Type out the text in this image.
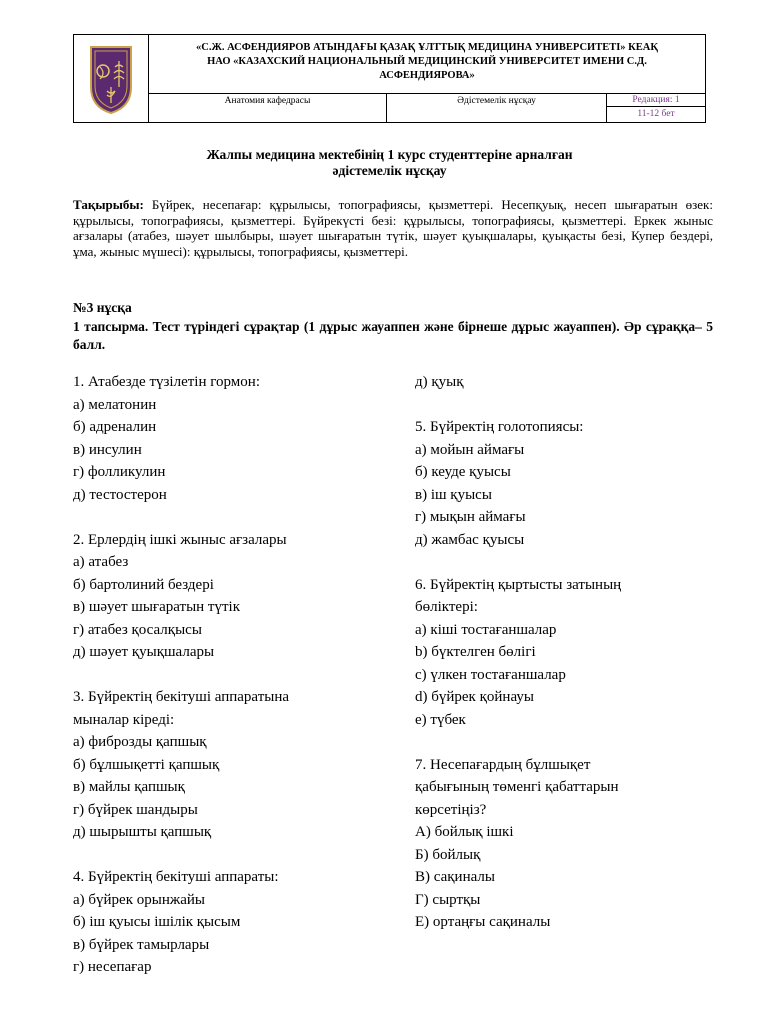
«С.Ж. АСФЕНДИЯРОВ АТЫНДАҒЫ ҚАЗАҚ ҰЛТТЫҚ МЕДИЦИНА УНИВЕРСИТЕТІ» КЕАҚ
НАО «КАЗАХСКИЙ НАЦИОНАЛЬНЫЙ МЕДИЦИНСКИЙ УНИВЕРСИТЕТ ИМЕНИ С.Д.
АСФЕНДИЯРОВА»
Анатомия кафедрасы	Әдістемелік нұсқау	Редакция: 1
11-12 бет
Жалпы медицина мектебінің 1 курс студенттеріне арналған
әдістемелік нұсқау
Тақырыбы: Бүйрек, несепағар: құрылысы, топографиясы, қызметтері. Несепқуық, несеп шығаратын өзек: құрылысы, топографиясы, қызметтері. Бүйрекүсті безі: құрылысы, топографиясы, қызметтері. Еркек жыныс ағзалары (атабез, шәует шылбыры, шәует шығаратын түтік, шәует қуықшалары, қуықасты безі, Купер бездері, ұма, жыныс мүшесі): құрылысы, топографиясы, қызметтері.
№3 нұсқа
1 тапсырма. Тест түріндегі сұрақтар (1 дұрыс жауаппен және бірнеше дұрыс жауаппен). Әр сұраққа– 5 балл.
1. Атабезде түзілетін гормон:
а) мелатонин
б) адреналин
в) инсулин
г) фолликулин
д) тестостерон
2. Ерлердің ішкі жыныс ағзалары
а) атабез
б) бартолиний бездері
в) шәует шығаратын түтік
г) атабез қосалқысы
д) шәует қуықшалары
3. Бүйректің бекітуші аппаратына
мыналар кіреді:
а) фиброзды қапшық
б) бұлшықетті қапшық
в) майлы қапшық
г) бүйрек шандыры
д) шырышты қапшық
4. Бүйректің бекітуші аппараты:
а) бүйрек орынжайы
б) іш қуысы ішілік қысым
в) бүйрек тамырлары
г) несепағар
д) қуық
5. Бүйректің голотопиясы:
а) мойын аймағы
б) кеуде қуысы
в) іш қуысы
г) мықын аймағы
д) жамбас қуысы
6. Бүйректің қыртысты затының
бөліктері:
а) кіші тостағаншалар
b) бүктелген бөлігі
c) үлкен тостағаншалар
d) бүйрек қойнауы
e) түбек
7. Несепағардың бұлшықет
қабығының төменгі қабаттарын
көрсетіңіз?
А) бойлық ішкі
Б) бойлық
В) сақиналы
Г) сыртқы
Е) ортаңғы сақиналы
